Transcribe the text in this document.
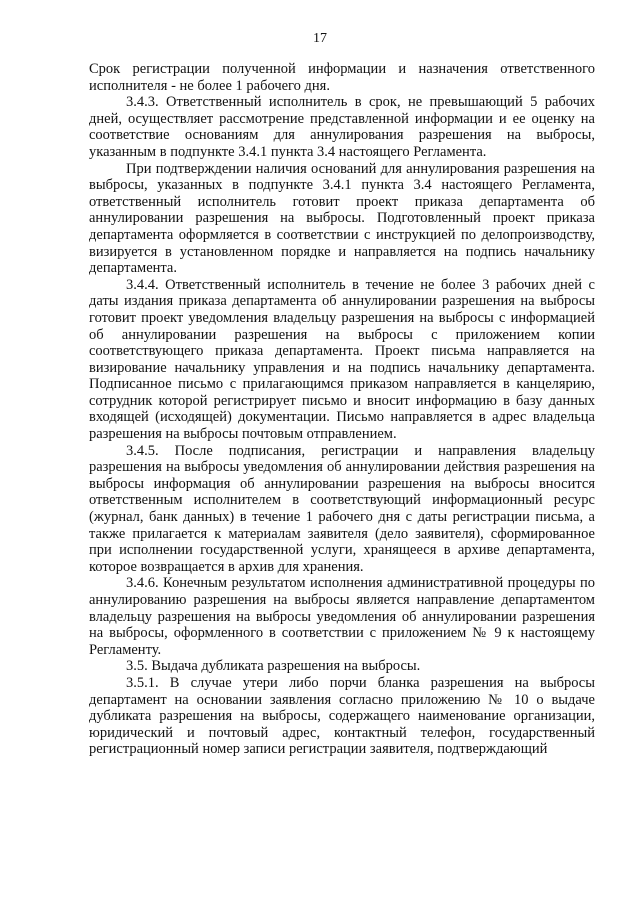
17

Срок регистрации полученной информации и назначения ответственного исполнителя - не более 1 рабочего дня.

3.4.3. Ответственный исполнитель в срок, не превышающий 5 рабочих дней, осуществляет рассмотрение представленной информации и ее оценку на соответствие основаниям для аннулирования разрешения на выбросы, указанным в подпункте 3.4.1 пункта 3.4 настоящего Регламента.

При подтверждении наличия оснований для аннулирования разрешения на выбросы, указанных в подпункте 3.4.1 пункта 3.4 настоящего Регламента, ответственный исполнитель готовит проект приказа департамента об аннулировании разрешения на выбросы. Подготовленный проект приказа департамента оформляется в соответствии с инструкцией по делопроизводству, визируется в установленном порядке и направляется на подпись начальнику департамента.

3.4.4. Ответственный исполнитель в течение не более 3 рабочих дней с даты издания приказа департамента об аннулировании разрешения на выбросы готовит проект уведомления владельцу разрешения на выбросы с информацией об аннулировании разрешения на выбросы с приложением копии соответствующего приказа департамента. Проект письма направляется на визирование начальнику управления и на подпись начальнику департамента. Подписанное письмо с прилагающимся приказом направляется в канцелярию, сотрудник которой регистрирует письмо и вносит информацию в базу данных входящей (исходящей) документации. Письмо направляется в адрес владельца разрешения на выбросы почтовым отправлением.

3.4.5. После подписания, регистрации и направления владельцу разрешения на выбросы уведомления об аннулировании действия разрешения на выбросы информация об аннулировании разрешения на выбросы вносится ответственным исполнителем в соответствующий информационный ресурс (журнал, банк данных) в течение 1 рабочего дня с даты регистрации письма, а также прилагается к материалам заявителя (дело заявителя), сформированное при исполнении государственной услуги, хранящееся в архиве департамента, которое возвращается в архив для хранения.

3.4.6. Конечным результатом исполнения административной процедуры по аннулированию разрешения на выбросы является направление департаментом владельцу разрешения на выбросы уведомления об аннулировании разрешения на выбросы, оформленного в соответствии с приложением № 9 к настоящему Регламенту.

3.5. Выдача дубликата разрешения на выбросы.

3.5.1. В случае утери либо порчи бланка разрешения на выбросы департамент на основании заявления согласно приложению № 10 о выдаче дубликата разрешения на выбросы, содержащего наименование организации, юридический и почтовый адрес, контактный телефон, государственный регистрационный номер записи регистрации заявителя, подтверждающий
